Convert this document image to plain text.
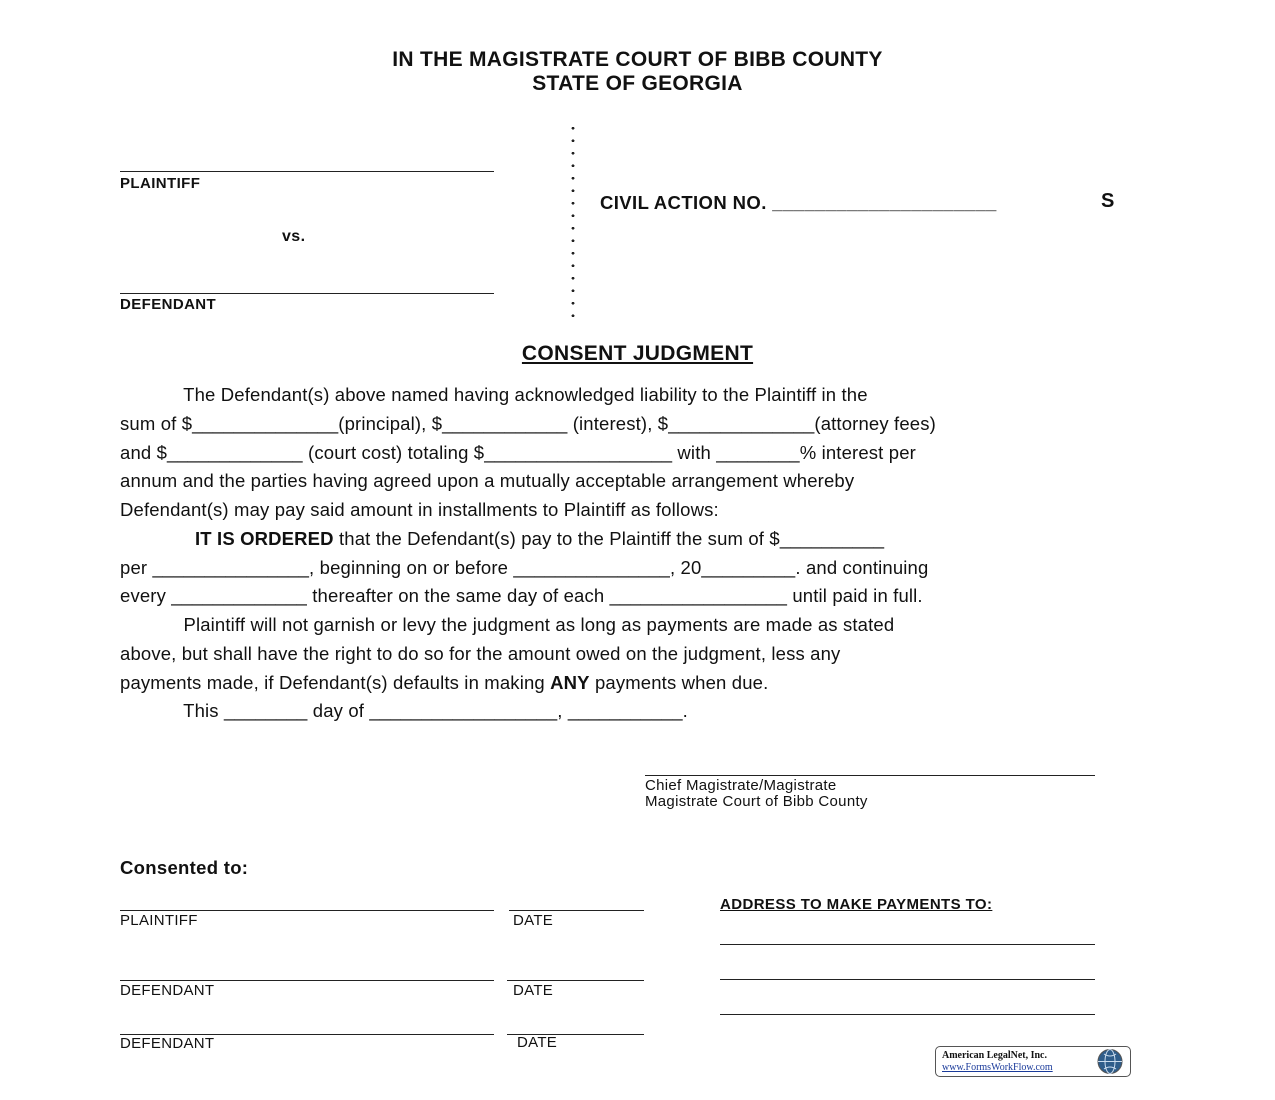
IN THE MAGISTRATE COURT OF BIBB COUNTY
STATE OF GEORGIA
PLAINTIFF
vs.
DEFENDANT
CIVIL ACTION NO. _____________________	S
CONSENT JUDGMENT
The Defendant(s) above named having acknowledged liability to the Plaintiff in the
sum of $______________(principal), $____________ (interest), $______________(attorney fees)
and $_____________ (court cost) totaling $__________________ with ________% interest per
annum and the parties having agreed upon a mutually acceptable arrangement whereby
Defendant(s) may pay said amount in installments to Plaintiff as follows:
IT IS ORDERED that the Defendant(s) pay to the Plaintiff the sum of $__________
per _______________, beginning on or before _______________, 20_________. and continuing
every _____________ thereafter on the same day of each _________________ until paid in full.
Plaintiff will not garnish or levy the judgment as long as payments are made as stated
above, but shall have the right to do so for the amount owed on the judgment, less any
payments made, if Defendant(s) defaults in making ANY payments when due.
This ________ day of __________________, ___________.
Chief Magistrate/Magistrate
Magistrate Court of Bibb County
Consented to:
PLAINTIFF	DATE
DEFENDANT	DATE
DEFENDANT	DATE
ADDRESS TO MAKE PAYMENTS TO:
American LegalNet, Inc.
www.FormsWorkFlow.com
